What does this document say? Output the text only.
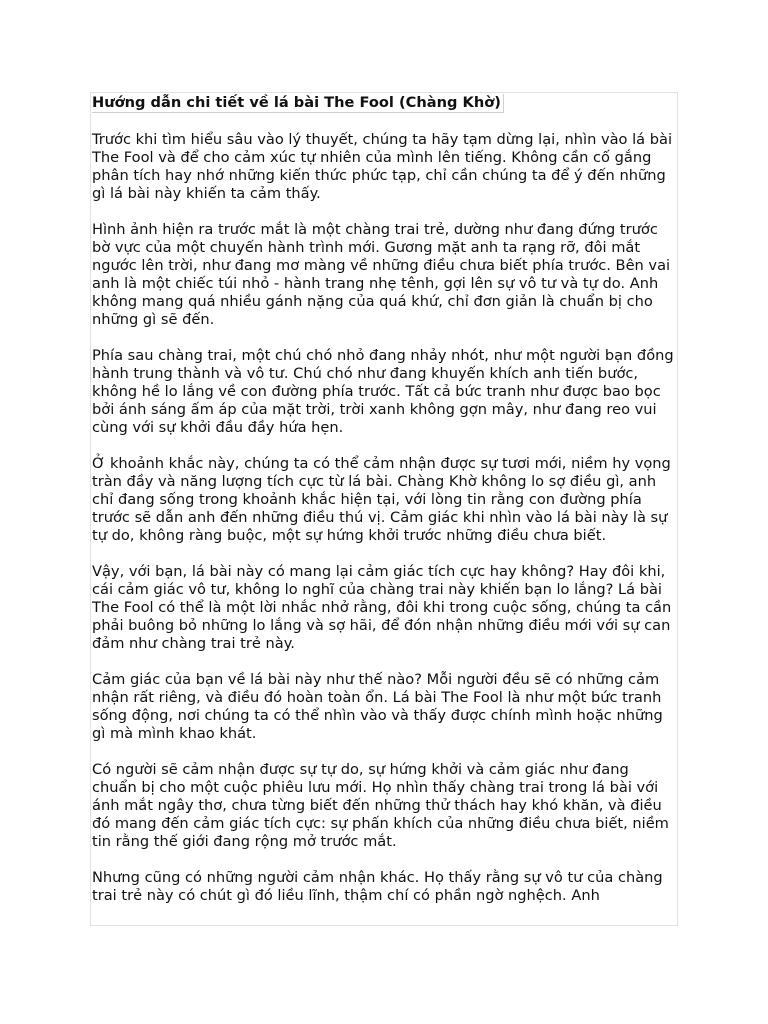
Hướng dẫn chi tiết về lá bài The Fool (Chàng Khờ)

Trước khi tìm hiểu sâu vào lý thuyết, chúng ta hãy tạm dừng lại, nhìn vào lá bài The Fool và để cho cảm xúc tự nhiên của mình lên tiếng. Không cần cố gắng phân tích hay nhớ những kiến thức phức tạp, chỉ cần chúng ta để ý đến những gì lá bài này khiến ta cảm thấy.

Hình ảnh hiện ra trước mắt là một chàng trai trẻ, dường như đang đứng trước bờ vực của một chuyến hành trình mới. Gương mặt anh ta rạng rỡ, đôi mắt ngước lên trời, như đang mơ màng về những điều chưa biết phía trước. Bên vai anh là một chiếc túi nhỏ - hành trang nhẹ tênh, gợi lên sự vô tư và tự do. Anh không mang quá nhiều gánh nặng của quá khứ, chỉ đơn giản là chuẩn bị cho những gì sẽ đến.

Phía sau chàng trai, một chú chó nhỏ đang nhảy nhót, như một người bạn đồng hành trung thành và vô tư. Chú chó như đang khuyến khích anh tiến bước, không hề lo lắng về con đường phía trước. Tất cả bức tranh như được bao bọc bởi ánh sáng ấm áp của mặt trời, trời xanh không gợn mây, như đang reo vui cùng với sự khởi đầu đầy hứa hẹn.

Ở khoảnh khắc này, chúng ta có thể cảm nhận được sự tươi mới, niềm hy vọng tràn đầy và năng lượng tích cực từ lá bài. Chàng Khờ không lo sợ điều gì, anh chỉ đang sống trong khoảnh khắc hiện tại, với lòng tin rằng con đường phía trước sẽ dẫn anh đến những điều thú vị. Cảm giác khi nhìn vào lá bài này là sự tự do, không ràng buộc, một sự hứng khởi trước những điều chưa biết.

Vậy, với bạn, lá bài này có mang lại cảm giác tích cực hay không? Hay đôi khi, cái cảm giác vô tư, không lo nghĩ của chàng trai này khiến bạn lo lắng? Lá bài The Fool có thể là một lời nhắc nhở rằng, đôi khi trong cuộc sống, chúng ta cần phải buông bỏ những lo lắng và sợ hãi, để đón nhận những điều mới với sự can đảm như chàng trai trẻ này.

Cảm giác của bạn về lá bài này như thế nào? Mỗi người đều sẽ có những cảm nhận rất riêng, và điều đó hoàn toàn ổn. Lá bài The Fool là như một bức tranh sống động, nơi chúng ta có thể nhìn vào và thấy được chính mình hoặc những gì mà mình khao khát.

Có người sẽ cảm nhận được sự tự do, sự hứng khởi và cảm giác như đang chuẩn bị cho một cuộc phiêu lưu mới. Họ nhìn thấy chàng trai trong lá bài với ánh mắt ngây thơ, chưa từng biết đến những thử thách hay khó khăn, và điều đó mang đến cảm giác tích cực: sự phấn khích của những điều chưa biết, niềm tin rằng thế giới đang rộng mở trước mắt.

Nhưng cũng có những người cảm nhận khác. Họ thấy rằng sự vô tư của chàng trai trẻ này có chút gì đó liều lĩnh, thậm chí có phần ngờ nghệch. Anh
